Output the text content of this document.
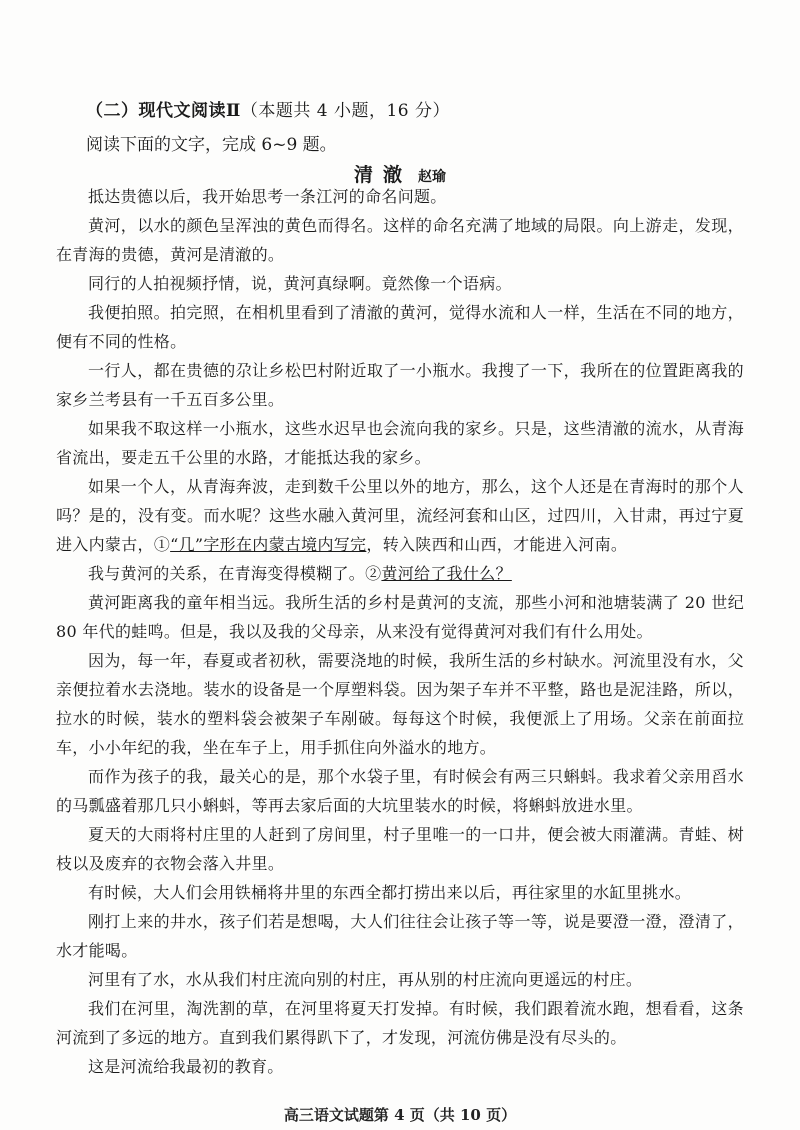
（二）现代文阅读Ⅱ（本题共 4 小题，16 分）
阅读下面的文字，完成 6~9 题。
清澈 赵瑜

抵达贵德以后，我开始思考一条江河的命名问题。

黄河，以水的颜色呈浑浊的黄色而得名。这样的命名充满了地域的局限。向上游走，发现，在青海的贵德，黄河是清澈的。

同行的人拍视频抒情，说，黄河真绿啊。竟然像一个语病。

我便拍照。拍完照，在相机里看到了清澈的黄河，觉得水流和人一样，生活在不同的地方，便有不同的性格。

一行人，都在贵德的尕让乡松巴村附近取了一小瓶水。我搜了一下，我所在的位置距离我的家乡兰考县有一千五百多公里。

如果我不取这样一小瓶水，这些水迟早也会流向我的家乡。只是，这些清澈的流水，从青海省流出，要走五千公里的水路，才能抵达我的家乡。

如果一个人，从青海奔波，走到数千公里以外的地方，那么，这个人还是在青海时的那个人吗？是的，没有变。而水呢？这些水融入黄河里，流经河套和山区，过四川，入甘肃，再过宁夏进入内蒙古，①“几”字形在内蒙古境内写完，转入陕西和山西，才能进入河南。

我与黄河的关系，在青海变得模糊了。②黄河给了我什么？

黄河距离我的童年相当远。我所生活的乡村是黄河的支流，那些小河和池塘装满了 20 世纪 80 年代的蛙鸣。但是，我以及我的父母亲，从来没有觉得黄河对我们有什么用处。

因为，每一年，春夏或者初秋，需要浇地的时候，我所生活的乡村缺水。河流里没有水，父亲便拉着水去浇地。装水的设备是一个厚塑料袋。因为架子车并不平整，路也是泥洼路，所以，拉水的时候，装水的塑料袋会被架子车剐破。每每这个时候，我便派上了用场。父亲在前面拉车，小小年纪的我，坐在车子上，用手抓住向外溢水的地方。

而作为孩子的我，最关心的是，那个水袋子里，有时候会有两三只蝌蚪。我求着父亲用舀水的马瓢盛着那几只小蝌蚪，等再去家后面的大坑里装水的时候，将蝌蚪放进水里。

夏天的大雨将村庄里的人赶到了房间里，村子里唯一的一口井，便会被大雨灌满。青蛙、树枝以及废弃的衣物会落入井里。

有时候，大人们会用铁桶将井里的东西全都打捞出来以后，再往家里的水缸里挑水。

刚打上来的井水，孩子们若是想喝，大人们往往会让孩子等一等，说是要澄一澄，澄清了，水才能喝。

河里有了水，水从我们村庄流向别的村庄，再从别的村庄流向更遥远的村庄。

我们在河里，淘洗割的草，在河里将夏天打发掉。有时候，我们跟着流水跑，想看看，这条河流到了多远的地方。直到我们累得趴下了，才发现，河流仿佛是没有尽头的。

这是河流给我最初的教育。

高三语文试题第 4 页（共 10 页）
